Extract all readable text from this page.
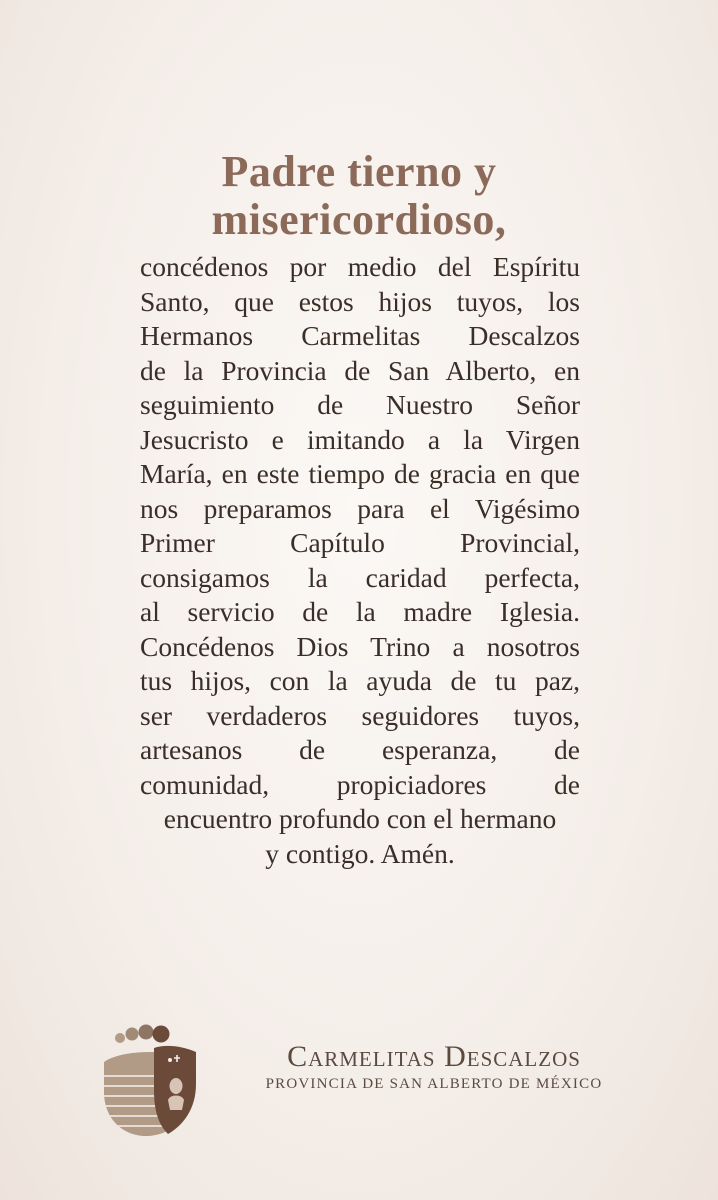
Padre tierno y
misericordioso,
concédenos por medio del Espíritu
Santo, que estos hijos tuyos, los
Hermanos Carmelitas Descalzos
de la Provincia de San Alberto, en
seguimiento de Nuestro Señor
Jesucristo e imitando a la Virgen
María, en este tiempo de gracia en que
nos preparamos para el Vigésimo
Primer Capítulo Provincial,
consigamos la caridad perfecta,
al servicio de la madre Iglesia.
Concédenos Dios Trino a nosotros
tus hijos, con la ayuda de tu paz,
ser verdaderos seguidores tuyos,
artesanos de esperanza, de
comunidad, propiciadores de
encuentro profundo con el hermano
y contigo. Amén.
Carmelitas Descalzos
PROVINCIA DE SAN ALBERTO DE MÉXICO
